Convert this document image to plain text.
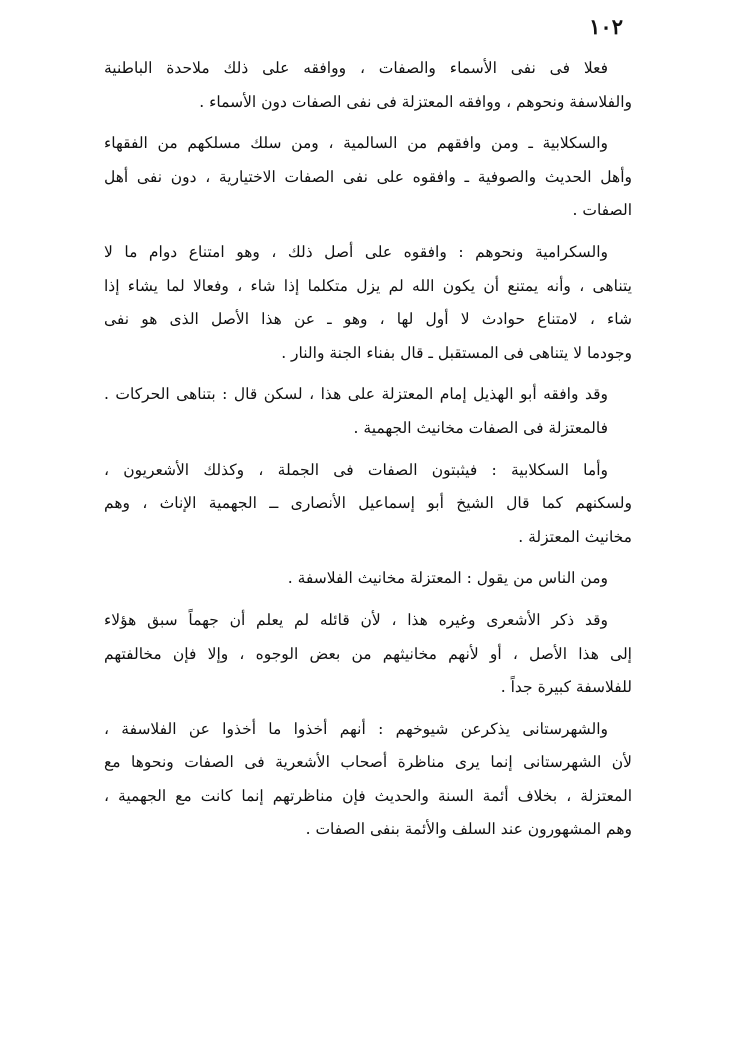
١٠٢
فعلا فى نفى الأسماء والصفات ، ووافقه على ذلك ملاحدة الباطنية
والفلاسفة ونحوهم ، ووافقه المعتزلة فى نفى الصفات دون الأسماء .
والسكلابية ـ ومن وافقهم من السالمية ، ومن سلك مسلكهم من الفقهاء
وأهل الحديث والصوفية ـ وافقوه على نفى الصفات الاختيارية ، دون نفى أهل
الصفات .
والسكرامية ونحوهم : وافقوه على أصل ذلك ، وهو امتناع دوام ما لا
يتناهى ، وأنه يمتنع أن يكون الله لم يزل متكلما إذا شاء ، وفعالا لما يشاء إذا
شاء ، لامتناع حوادث لا أول لها ، وهو ـ عن هذا الأصل الذى هو نفى
وجودما لا يتناهى فى المستقبل ـ قال بفناء الجنة والنار .
وقد وافقه أبو الهذيل إمام المعتزلة على هذا ، لسكن قال : بتناهى الحركات .
فالمعتزلة فى الصفات مخانيث الجهمية .
وأما السكلابية : فيثبتون الصفات فى الجملة ، وكذلك الأشعريون ،
ولسكنهم كما قال الشيخ أبو إسماعيل الأنصارى ــ الجهمية الإناث ، وهم
مخانيث المعتزلة .
ومن الناس من يقول : المعتزلة مخانيث الفلاسفة .
وقد ذكر الأشعرى وغيره هذا ، لأن قائله لم يعلم أن جهماً سبق هؤلاء
إلى هذا الأصل ، أو لأنهم مخانيثهم من بعض الوجوه ، وإلا فإن مخالفتهم
للفلاسفة كبيرة جداً .
والشهرستانى يذكرعن شيوخهم : أنهم أخذوا ما أخذوا عن الفلاسفة ،
لأن الشهرستانى إنما يرى مناظرة أصحاب الأشعرية فى الصفات ونحوها مع
المعتزلة ، بخلاف أئمة السنة والحديث فإن مناظرتهم إنما كانت مع الجهمية ،
وهم المشهورون عند السلف والأئمة بنفى الصفات .
